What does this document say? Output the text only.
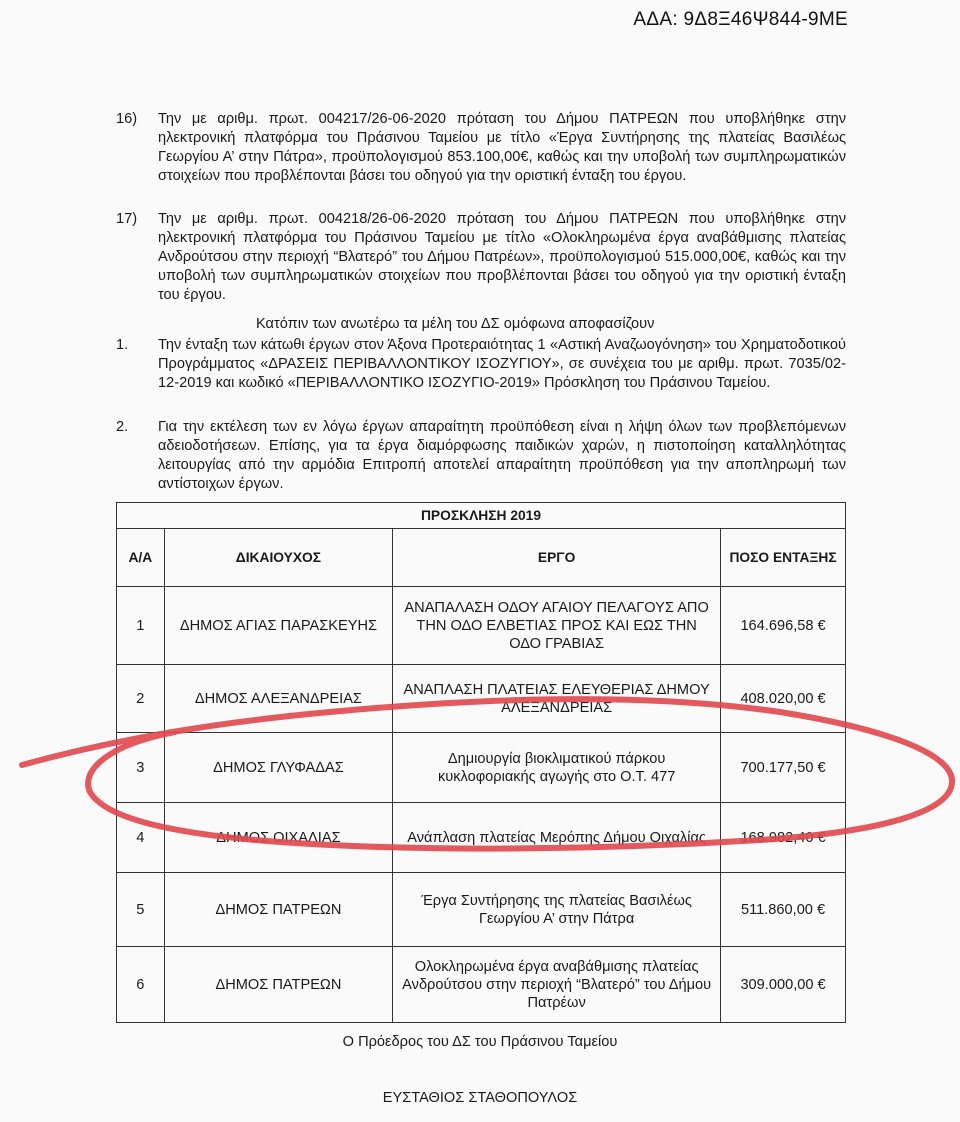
ΑΔΑ: 9Δ8Ξ46Ψ844-9ΜΕ
16) Την με αριθμ. πρωτ. 004217/26-06-2020 πρόταση του Δήμου ΠΑΤΡΕΩΝ που υποβλήθηκε στην ηλεκτρονική πλατφόρμα του Πράσινου Ταμείου με τίτλο «Έργα Συντήρησης της πλατείας Βασιλέως Γεωργίου Α’ στην Πάτρα», προϋπολογισμού 853.100,00€, καθώς και την υποβολή των συμπληρωματικών στοιχείων που προβλέπονται βάσει του οδηγού για την οριστική ένταξη του έργου.
17) Την με αριθμ. πρωτ. 004218/26-06-2020 πρόταση του Δήμου ΠΑΤΡΕΩΝ που υποβλήθηκε στην ηλεκτρονική πλατφόρμα του Πράσινου Ταμείου με τίτλο «Ολοκληρωμένα έργα αναβάθμισης πλατείας Ανδρούτσου στην περιοχή “Βλατερό” του Δήμου Πατρέων», προϋπολογισμού 515.000,00€, καθώς και την υποβολή των συμπληρωματικών στοιχείων που προβλέπονται βάσει του οδηγού για την οριστική ένταξη του έργου.
Κατόπιν των ανωτέρω τα μέλη του ΔΣ ομόφωνα αποφασίζουν
1. Την ένταξη των κάτωθι έργων στον Άξονα Προτεραιότητας 1 «Αστική Αναζωογόνηση» του Χρηματοδοτικού Προγράμματος «ΔΡΑΣΕΙΣ ΠΕΡΙΒΑΛΛΟΝΤΙΚΟΥ ΙΣΟΖΥΓΙΟΥ», σε συνέχεια του με αριθμ. πρωτ. 7035/02-12-2019 και κωδικό «ΠΕΡΙΒΑΛΛΟΝΤΙΚΟ ΙΣΟΖΥΓΙΟ-2019» Πρόσκληση του Πράσινου Ταμείου.
2. Για την εκτέλεση των εν λόγω έργων απαραίτητη προϋπόθεση είναι η λήψη όλων των προβλεπόμενων αδειοδοτήσεων. Επίσης, για τα έργα διαμόρφωσης παιδικών χαρών, η πιστοποίηση καταλληλότητας λειτουργίας από την αρμόδια Επιτροπή αποτελεί απαραίτητη προϋπόθεση για την αποπληρωμή των αντίστοιχων έργων.
ΠΡΟΣΚΛΗΣΗ 2019			
Α/Α	ΔΙΚΑΙΟΥΧΟΣ	ΕΡΓΟ	ΠΟΣΟ ΕΝΤΑΞΗΣ
1	ΔΗΜΟΣ ΑΓΙΑΣ ΠΑΡΑΣΚΕΥΗΣ	ΑΝΑΠΑΛΑΣΗ ΟΔΟΥ ΑΓΑΙΟΥ ΠΕΛΑΓΟΥΣ ΑΠΟ ΤΗΝ ΟΔΟ ΕΛΒΕΤΙΑΣ ΠΡΟΣ ΚΑΙ ΕΩΣ ΤΗΝ ΟΔΟ ΓΡΑΒΙΑΣ	164.696,58 €
2	ΔΗΜΟΣ ΑΛΕΞΑΝΔΡΕΙΑΣ	ΑΝΑΠΛΑΣΗ ΠΛΑΤΕΙΑΣ ΕΛΕΥΘΕΡΙΑΣ ΔΗΜΟΥ ΑΛΕΞΑΝΔΡΕΙΑΣ	408.020,00 €
3	ΔΗΜΟΣ ΓΛΥΦΑΔΑΣ	Δημιουργία βιοκλιματικού πάρκου κυκλοφοριακής αγωγής στο Ο.Τ. 477	700.177,50 €
4	ΔΗΜΟΣ ΟΙΧΑΛΙΑΣ	Ανάπλαση πλατείας Μερόπης Δήμου Οιχαλίας	168.982,40 €
5	ΔΗΜΟΣ ΠΑΤΡΕΩΝ	Έργα Συντήρησης της πλατείας Βασιλέως Γεωργίου Α’ στην Πάτρα	511.860,00 €
6	ΔΗΜΟΣ ΠΑΤΡΕΩΝ	Ολοκληρωμένα έργα αναβάθμισης πλατείας Ανδρούτσου στην περιοχή “Βλατερό” του Δήμου Πατρέων	309.000,00 €
Ο Πρόεδρος του ΔΣ του Πράσινου Ταμείου
ΕΥΣΤΑΘΙΟΣ ΣΤΑΘΟΠΟΥΛΟΣ
